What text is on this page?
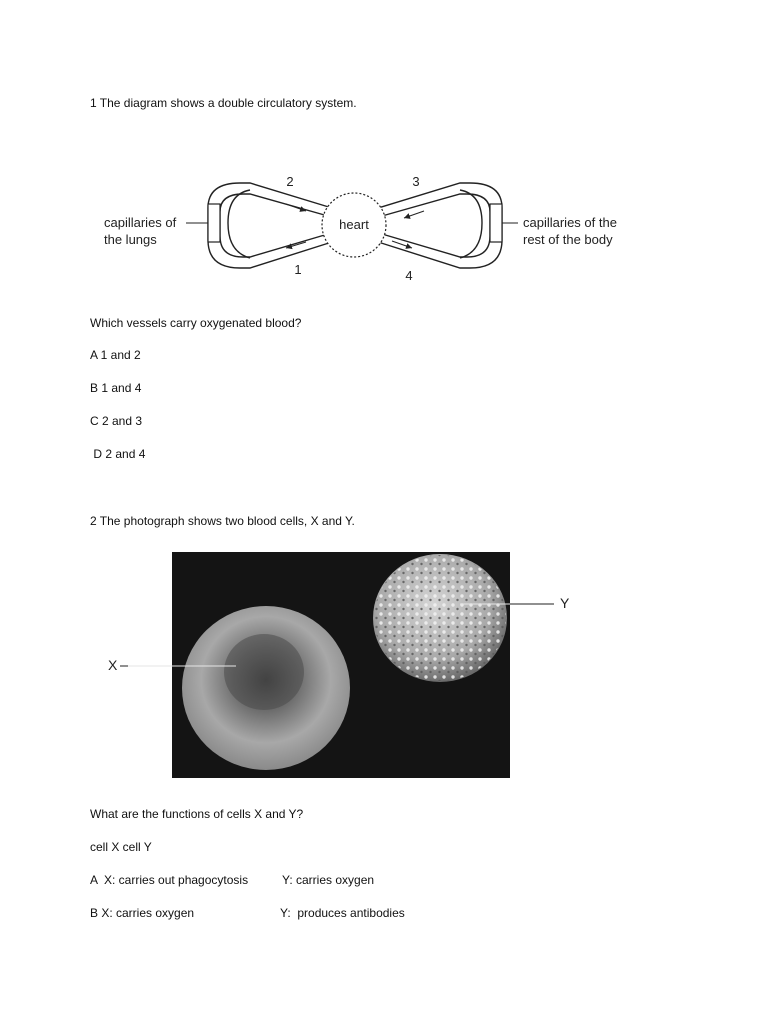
1 The diagram shows a double circulatory system.
heart
2	3
1	4
capillaries of
the lungs
capillaries of the
rest of the body
Which vessels carry oxygenated blood?
A 1 and 2
B 1 and 4
C 2 and 3
D 2 and 4
2 The photograph shows two blood cells, X and Y.
X
Y
What are the functions of cells X and Y?
cell X cell Y
A  X: carries out phagocytosis	Y: carries oxygen
B X: carries oxygen	Y:  produces antibodies
